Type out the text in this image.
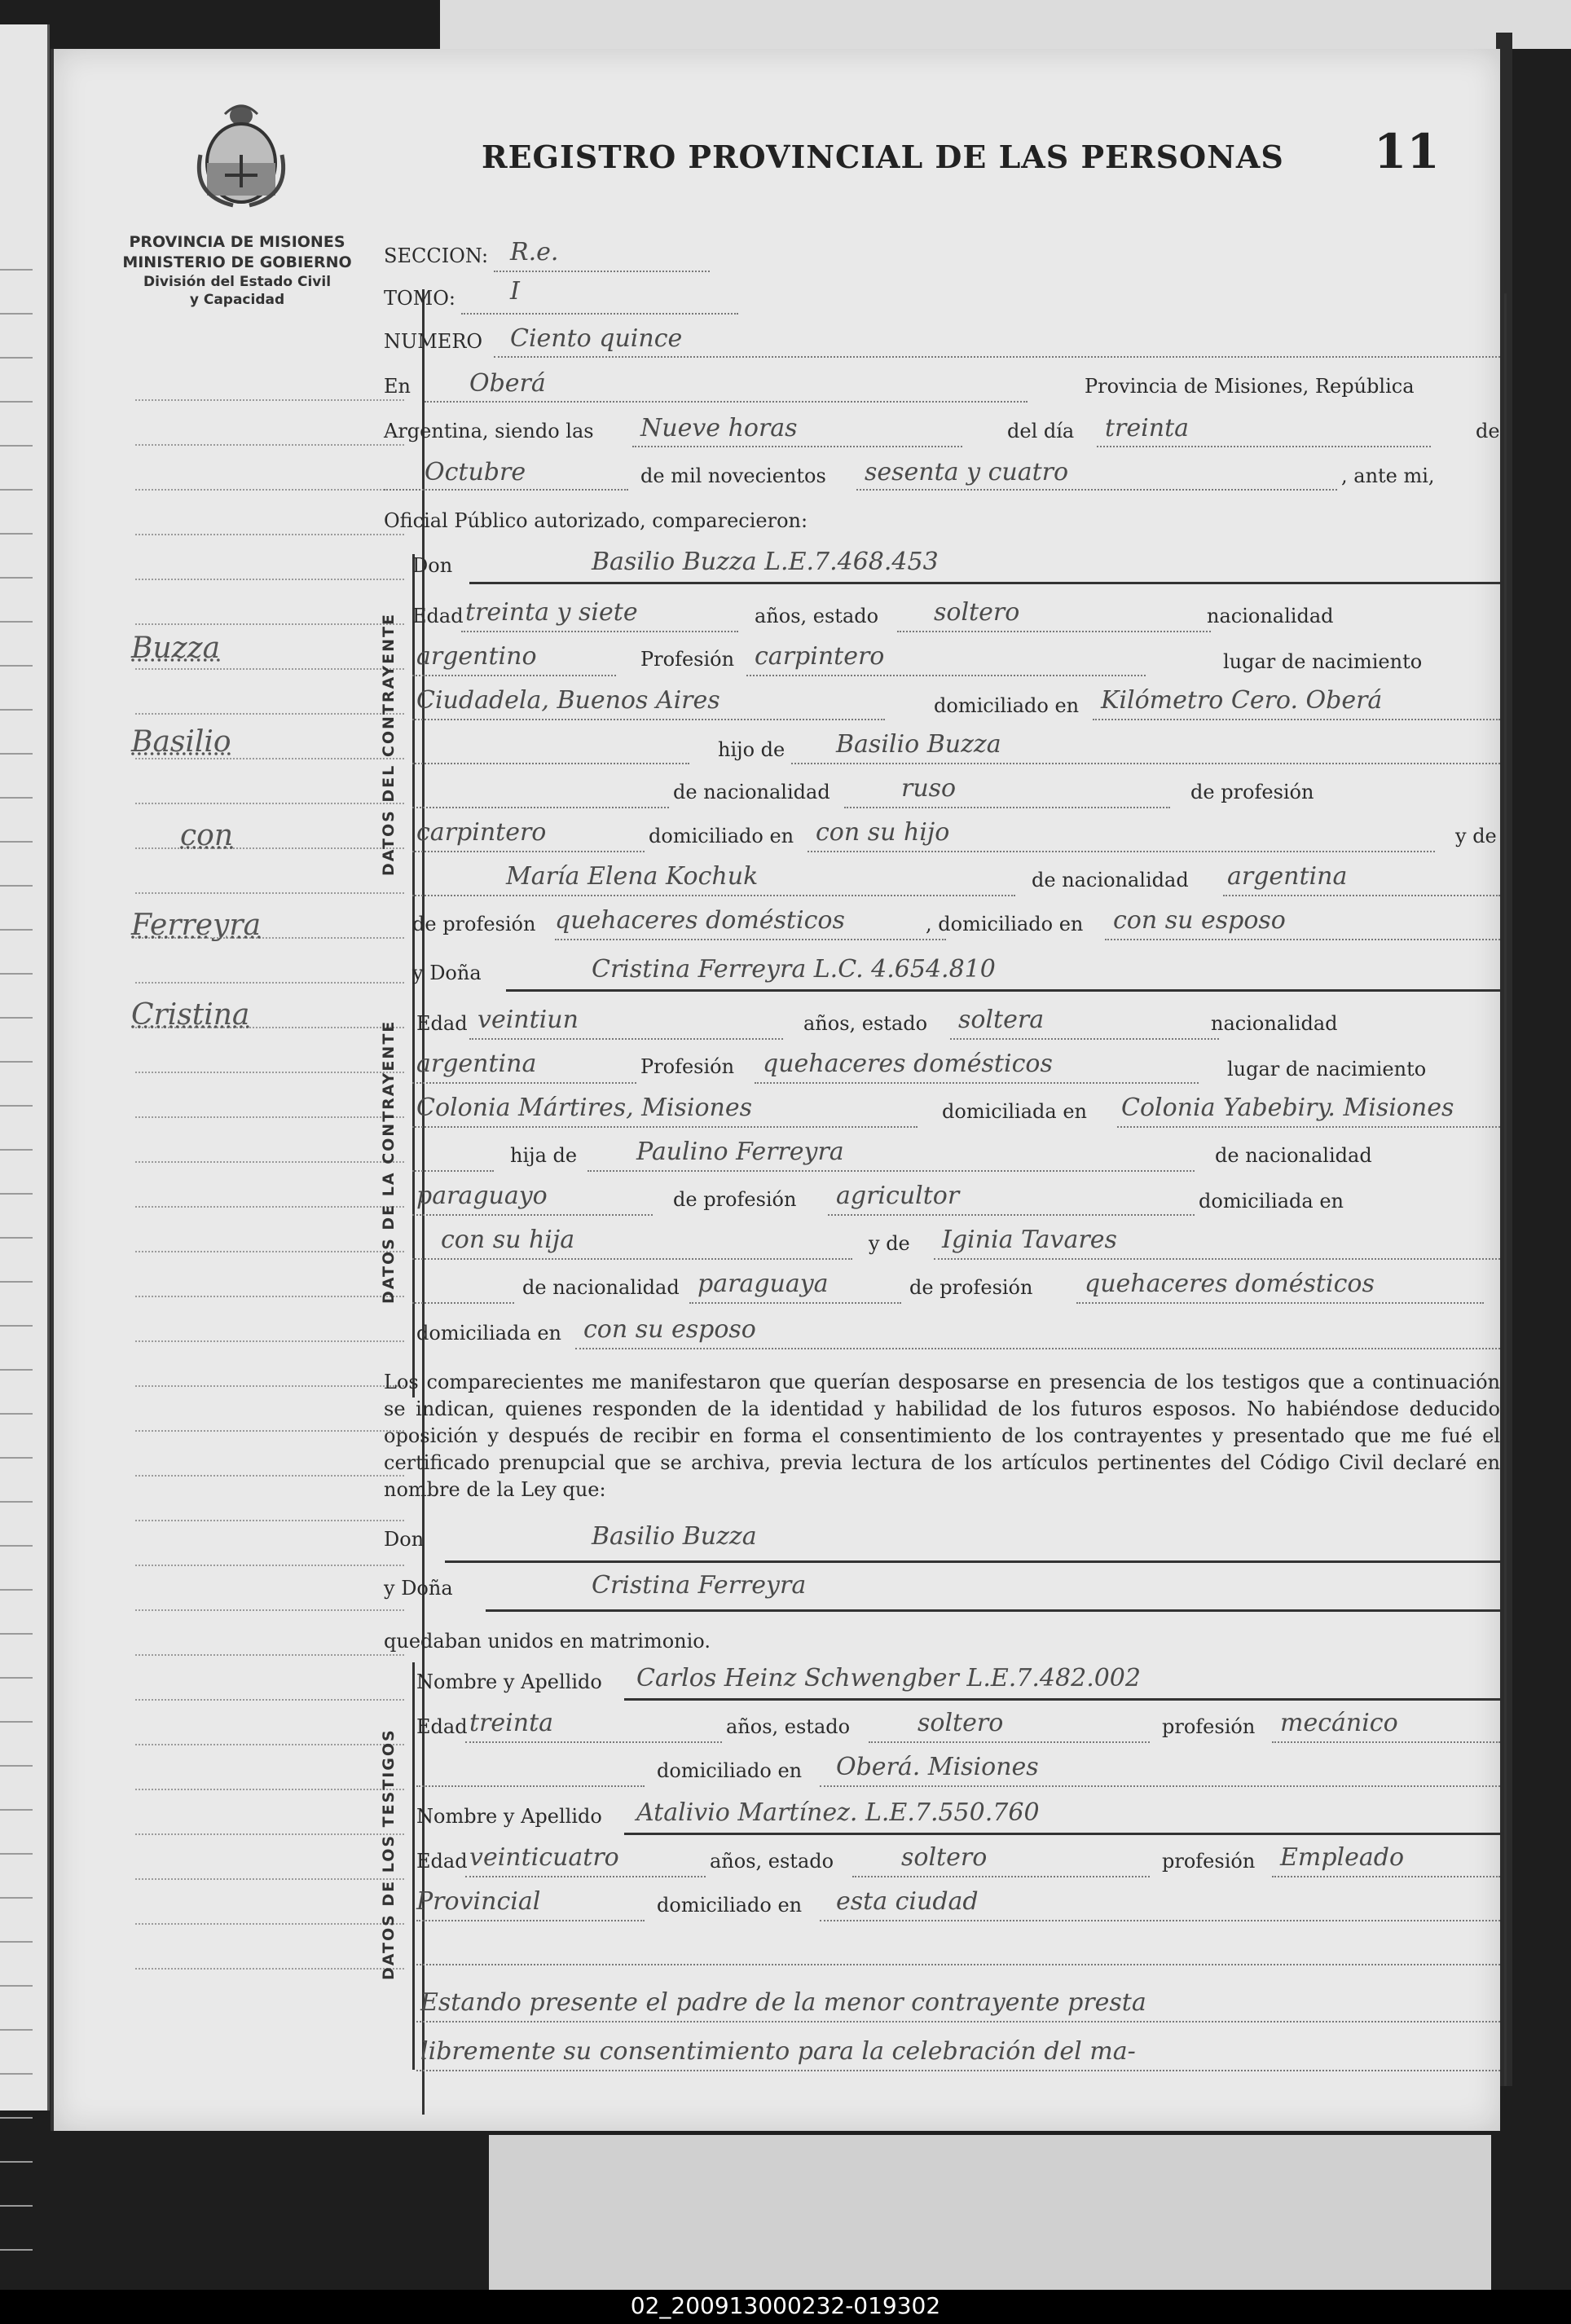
REGISTRO PROVINCIAL DE LAS PERSONAS 11
PROVINCIA DE MISIONES
MINISTERIO DE GOBIERNO
División del Estado Civil
y Capacidad
Buzza
Basilio
con
Ferreyra
Cristina
SECCION: R.e.
TOMO: I
NUMERO Ciento quince
En Oberá	Provincia de Misiones, República
Argentina, siendo las Nueve horas	del día treinta	de
Octubre	de mil novecientos sesenta y cuatro	, ante mi,
Oficial Público autorizado, comparecieron:
DATOS DEL CONTRAYENTE
Don	Basilio Buzza L.E.7.468.453
Edad treinta y siete	años, estado soltero	nacionalidad
argentino	Profesión carpintero	lugar de nacimiento
Ciudadela, Buenos Aires	domiciliado en Kilómetro Cero. Oberá
hijo de Basilio Buzza
de nacionalidad	ruso	de profesión
carpintero	domiciliado en con su hijo	y de
María Elena Kochuk	de nacionalidad argentina
de profesión quehaceres domésticos	, domiciliado en con su esposo
DATOS DE LA CONTRAYENTE
y Doña	Cristina Ferreyra L.C. 4.654.810
Edad veintiun	años, estado soltera	nacionalidad
argentina	Profesión quehaceres domésticos	lugar de nacimiento
Colonia Mártires, Misiones	domiciliada en Colonia Yabebiry. Misiones
hija de Paulino Ferreyra	de nacionalidad
paraguayo	de profesión agricultor	domiciliada en
con su hija	y de Iginia Tavares
de nacionalidad paraguaya	de profesión quehaceres domésticos
domiciliada en con su esposo
Los comparecientes me manifestaron que querían desposarse en presencia de los testigos que a continuación se indican, quienes responden de la identidad y habilidad de los futuros esposos. No habiéndose deducido oposición y después de recibir en forma el consentimiento de los contrayentes y presentado que me fué el certificado prenupcial que se archiva, previa lectura de los artículos pertinentes del Código Civil declaré en nombre de la Ley que:
Don	Basilio Buzza
y Doña	Cristina Ferreyra
quedaban unidos en matrimonio.
DATOS DE LOS TESTIGOS
Nombre y Apellido Carlos Heinz Schwengber L.E.7.482.002
Edad treinta	años, estado	soltero	profesión mecánico
domiciliado en Oberá. Misiones
Nombre y Apellido Atalivio Martínez. L.E.7.550.760
Edad veinticuatro	años, estado	soltero	profesión Empleado
Provincial	domiciliado en esta ciudad
Estando presente el padre de la menor contrayente presta
libremente su consentimiento para la celebración del ma-
02_200913000232-019302
